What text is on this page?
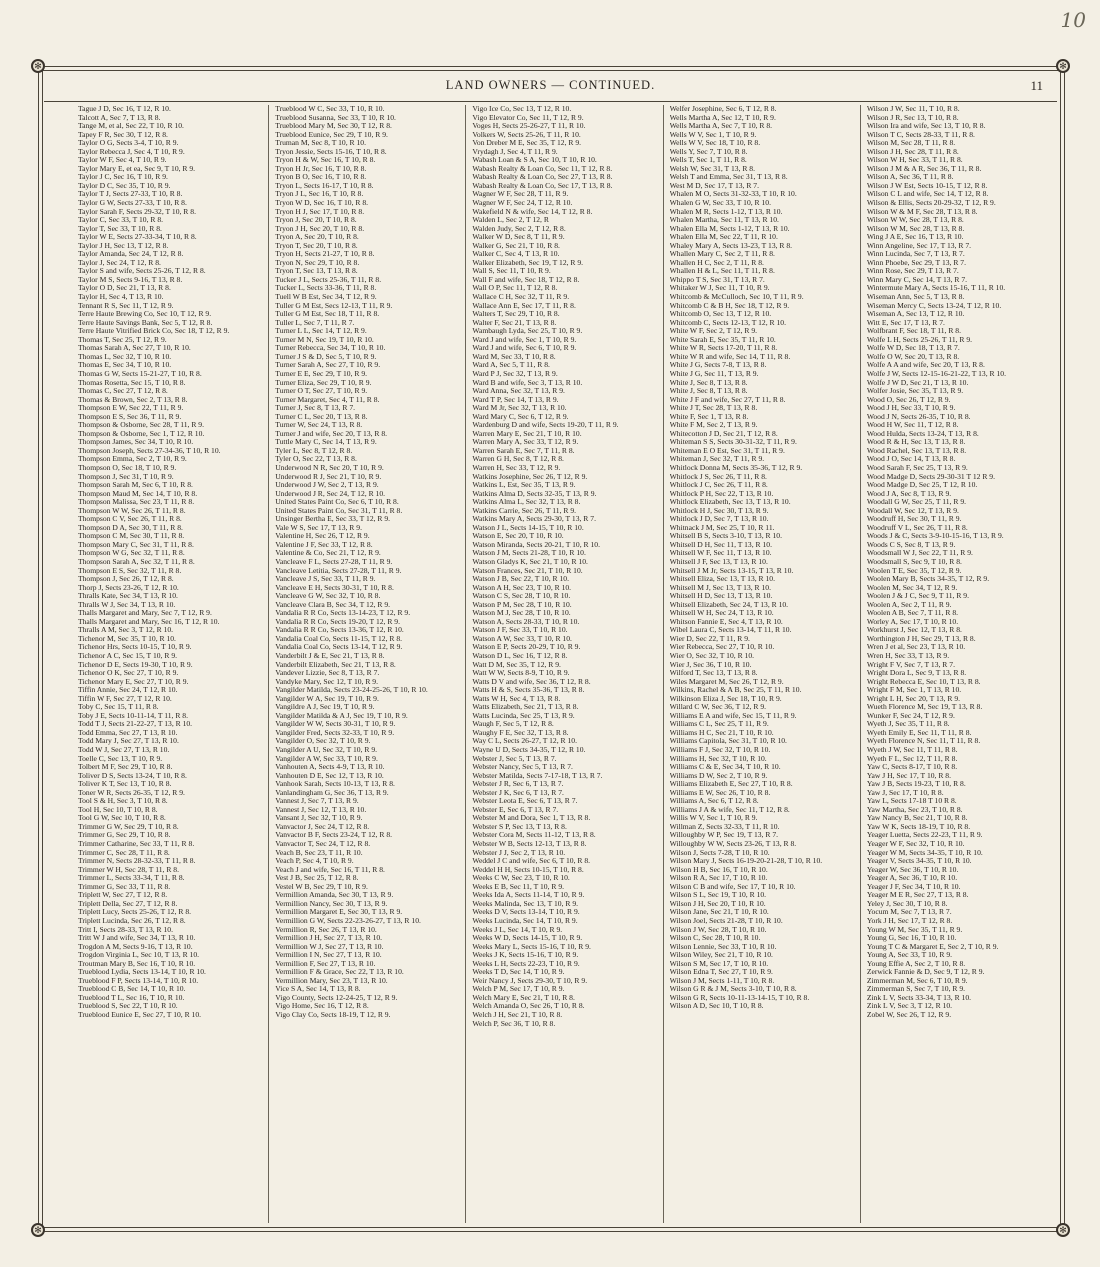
10
✻	✻
✻	✻
LAND OWNERS — CONTINUED.	11
Tague J D, Sec 16, T 12, R 10.
Talcott A, Sec 7, T 13, R 8.
Tange M, et al, Sec 22, T 10, R 10.
Tapey F R, Sec 30, T 12, R 8.
Taylor O G, Sects 3-4, T 10, R 9.
Taylor Rebecca J, Sec 4, T 10, R 9.
Taylor W F, Sec 4, T 10, R 9.
Taylor Mary E, et ea, Sec 9, T 10, R 9.
Taylor J C, Sec 16, T 10, R 9.
Taylor D C, Sec 35, T 10, R 9.
Taylor T J, Sects 27-33, T 10, R 8.
Taylor G W, Sects 27-33, T 10, R 8.
Taylor Sarah F, Sects 29-32, T 10, R 8.
Taylor C, Sec 33, T 10, R 8.
Taylor T, Sec 33, T 10, R 8.
Taylor W E, Sects 27-33-34, T 10, R 8.
Taylor J H, Sec 13, T 12, R 8.
Taylor Amanda, Sec 24, T 12, R 8.
Taylor J, Sec 24, T 12, R 8.
Taylor S and wife, Sects 25-26, T 12, R 8.
Taylor M S, Sects 9-16, T 13, R 8.
Taylor O D, Sec 21, T 13, R 8.
Taylor H, Sec 4, T 13, R 10.
Tennant R S, Sec 11, T 12, R 9.
Terre Haute Brewing Co, Sec 10, T 12, R 9.
Terre Haute Savings Bank, Sec 5, T 12, R 8.
Terre Haute Vitrified Brick Co, Sec 18, T 12, R 9.
Thomas T, Sec 25, T 12, R 9.
Thomas Sarah A, Sec 27, T 10, R 10.
Thomas L, Sec 32, T 10, R 10.
Thomas E, Sec 34, T 10, R 10.
Thomas G W, Sects 15-21-27, T 10, R 8.
Thomas Rosetta, Sec 15, T 10, R 8.
Thomas C, Sec 27, T 12, R 8.
Thomas & Brown, Sec 2, T 13, R 8.
Thompson E W, Sec 22, T 11, R 9.
Thompson E S, Sec 36, T 11, R 9.
Thompson & Osborne, Sec 28, T 11, R 9.
Thompson & Osborne, Sec 1, T 12, R 10.
Thompson James, Sec 34, T 10, R 10.
Thompson Joseph, Sects 27-34-36, T 10, R 10.
Thompson Emma, Sec 2, T 10, R 9.
Thompson O, Sec 18, T 10, R 9.
Thompson J, Sec 31, T 10, R 9.
Thompson Sarah M, Sec 6, T 10, R 8.
Thompson Maud M, Sec 14, T 10, R 8.
Thompson Malissa, Sec 23, T 11, R 8.
Thompson W W, Sec 26, T 11, R 8.
Thompson C V, Sec 26, T 11, R 8.
Thompson D A, Sec 30, T 11, R 8.
Thompson C M, Sec 30, T 11, R 8.
Thompson Mary C, Sec 31, T 11, R 8.
Thompson W G, Sec 32, T 11, R 8.
Thompson Sarah A, Sec 32, T 11, R 8.
Thompson E S, Sec 32, T 11, R 8.
Thompson J, Sec 26, T 12, R 8.
Thorp J, Sects 23-26, T 12, R 10.
Thralls Kate, Sec 34, T 13, R 10.
Thralls W J, Sec 34, T 13, R 10.
Thalls Margaret and Mary, Sec 7, T 12, R 9.
Thalls Margaret and Mary, Sec 16, T 12, R 10.
Thralls A M, Sec 3, T 12, R 10.
Tichenor M, Sec 35, T 10, R 10.
Tichenor Hrs, Sects 10-15, T 10, R 9.
Tichenor A C, Sec 15, T 10, R 9.
Tichenor D E, Sects 19-30, T 10, R 9.
Tichenor O K, Sec 27, T 10, R 9.
Tichenor Mary E, Sec 27, T 10, R 9.
Tiffin Annie, Sec 24, T 12, R 10.
Tiffin W F, Sec 27, T 12, R 10.
Toby C, Sec 15, T 11, R 8.
Toby J E, Sects 10-11-14, T 11, R 8.
Todd T J, Sects 21-22-27, T 13, R 10.
Todd Emma, Sec 27, T 13, R 10.
Todd Mary J, Sec 27, T 13, R 10.
Todd W J, Sec 27, T 13, R 10.
Toelle C, Sec 13, T 10, R 9.
Tolbert M F, Sec 29, T 10, R 8.
Toliver D S, Sects 13-24, T 10, R 8.
Toliver K T, Sec 13, T 10, R 8.
Toner W R, Sects 26-35, T 12, R 9.
Tool S & H, Sec 3, T 10, R 8.
Tool H, Sec 10, T 10, R 8.
Tool G W, Sec 10, T 10, R 8.
Trimmer G W, Sec 29, T 10, R 8.
Trimmer G, Sec 29, T 10, R 8.
Trimmer Catharine, Sec 33, T 11, R 8.
Trimmer C, Sec 28, T 11, R 8.
Trimmer N, Sects 28-32-33, T 11, R 8.
Trimmer W H, Sec 28, T 11, R 8.
Trimmer L, Sects 33-34, T 11, R 8.
Trimmer G, Sec 33, T 11, R 8.
Triplett W, Sec 27, T 12, R 8.
Triplett Della, Sec 27, T 12, R 8.
Triplett Lucy, Sects 25-26, T 12, R 8.
Triplett Lucinda, Sec 26, T 12, R 8.
Tritt I, Sects 28-33, T 13, R 10.
Tritt W J and wife, Sec 34, T 13, R 10.
Trogdon A M, Sects 9-16, T 13, R 10.
Trogdon Virginia L, Sec 10, T 13, R 10.
Troutman Mary B, Sec 16, T 10, R 10.
Trueblood Lydia, Sects 13-14, T 10, R 10.
Trueblood F P, Sects 13-14, T 10, R 10.
Trueblood C B, Sec 14, T 10, R 10.
Trueblood T L, Sec 16, T 10, R 10.
Trueblood S, Sec 22, T 10, R 10.
Trueblood Eunice E, Sec 27, T 10, R 10.
Trueblood W C, Sec 33, T 10, R 10.
Trueblood Susanna, Sec 33, T 10, R 10.
Trueblood Mary M, Sec 30, T 12, R 8.
Trueblood Eunice, Sec 29, T 10, R 9.
Truman M, Sec 8, T 10, R 10.
Tryon Jessie, Sects 15-16, T 10, R 8.
Tryon H & W, Sec 16, T 10, R 8.
Tryon H Jr, Sec 16, T 10, R 8.
Tryon B O, Sec 16, T 10, R 8.
Tryon L, Sects 16-17, T 10, R 8.
Tryon J L, Sec 16, T 10, R 8.
Tryon W D, Sec 16, T 10, R 8.
Tryon H J, Sec 17, T 10, R 8.
Tryon J, Sec 20, T 10, R 8.
Tryon J H, Sec 20, T 10, R 8.
Tryon A, Sec 20, T 10, R 8.
Tryon T, Sec 20, T 10, R 8.
Tryon H, Sects 21-27, T 10, R 8.
Tryon N, Sec 29, T 10, R 8.
Tryon T, Sec 13, T 13, R 8.
Tucker J L, Sects 25-36, T 11, R 8.
Tucker L, Sects 33-36, T 11, R 8.
Tuell W B Est, Sec 34, T 12, R 9.
Tuller G M Est, Secs 12-13, T 11, R 9.
Tuller G M Est, Sec 18, T 11, R 8.
Tuller L, Sec 7, T 11, R 7.
Turner L L, Sec 14, T 12, R 9.
Turner M N, Sec 19, T 10, R 10.
Turner Rebecca, Sec 34, T 10, R 10.
Turner J S & D, Sec 5, T 10, R 9.
Turner Sarah A, Sec 27, T 10, R 9.
Turner E E, Sec 29, T 10, R 9.
Turner Eliza, Sec 29, T 10, R 9.
Turner O T, Sec 27, T 10, R 9.
Turner Margaret, Sec 4, T 11, R 8.
Turner J, Sec 8, T 13, R 7.
Turner C L, Sec 20, T 13, R 8.
Turner W, Sec 24, T 13, R 8.
Turner J and wife, Sec 20, T 13, R 8.
Tuttle Mary C, Sec 14, T 13, R 9.
Tyler L, Sec 8, T 12, R 8.
Tyler O, Sec 22, T 13, R 8.
Underwood N R, Sec 20, T 10, R 9.
Underwood R J, Sec 21, T 10, R 9.
Underwood J W, Sec 2, T 13, R 9.
Underwood J R, Sec 24, T 12, R 10.
United States Paint Co, Sec 6, T 10, R 8.
United States Paint Co, Sec 31, T 11, R 8.
Unsinger Bertha E, Sec 33, T 12, R 9.
Vale W S, Sec 17, T 13, R 9.
Valentine H, Sec 26, T 12, R 9.
Valentine J F, Sec 33, T 12, R 8.
Valentine & Co, Sec 21, T 12, R 9.
Vancleave F L, Sects 27-28, T 11, R 9.
Vancleave Letitia, Sects 27-28, T 11, R 9.
Vancleave J S, Sec 33, T 11, R 9.
Vancleave E H, Sects 30-31, T 10, R 8.
Vancleave G W, Sec 32, T 10, R 8.
Vancleave Clara B, Sec 34, T 12, R 9.
Vandalia R R Co, Sects 13-14-23, T 12, R 9.
Vandalia R R Co, Sects 19-20, T 12, R 9.
Vandalia R R Co, Sects 13-36, T 12, R 10.
Vandalia Coal Co, Sects 11-15, T 12, R 8.
Vandalia Coal Co, Sects 13-14, T 12, R 9.
Vanderbilt J & E, Sec 21, T 13, R 8.
Vanderbilt Elizabeth, Sec 21, T 13, R 8.
Vandever Lizzie, Sec 8, T 13, R 7.
Vandyke Mary, Sec 12, T 10, R 9.
Vangilder Matilda, Sects 23-24-25-26, T 10, R 10.
Vangilder W A, Sec 19, T 10, R 9.
Vangildre A J, Sec 19, T 10, R 9.
Vangilder Matilda & A J, Sec 19, T 10, R 9.
Vangilder W W, Sects 30-31, T 10, R 9.
Vangilder Fred, Sects 32-33, T 10, R 9.
Vangilder O, Sec 32, T 10, R 9.
Vangilder A U, Sec 32, T 10, R 9.
Vangilder A W, Sec 33, T 10, R 9.
Vanhouten A, Sects 4-9, T 13, R 10.
Vanhouten D E, Sec 12, T 13, R 10.
Vanhook Sarah, Sects 10-13, T 13, R 8.
Vanlandingham G, Sec 36, T 13, R 9.
Vannest J, Sec 7, T 13, R 9.
Vannest J, Sec 12, T 13, R 10.
Vansant J, Sec 32, T 10, R 9.
Vanvactor J, Sec 24, T 12, R 8.
Vanvactor B F, Sects 23-24, T 12, R 8.
Vanvactor T, Sec 24, T 12, R 8.
Veach B, Sec 23, T 11, R 10.
Veach P, Sec 4, T 10, R 9.
Veach J and wife, Sec 16, T 11, R 8.
Vest J B, Sec 25, T 12, R 8.
Vestel W B, Sec 29, T 10, R 9.
Vermillion Amanda, Sec 30, T 13, R 9.
Vermillion Nancy, Sec 30, T 13, R 9.
Vermillion Margaret E, Sec 30, T 13, R 9.
Vermillion G W, Sects 22-23-26-27, T 13, R 10.
Vermillion R, Sec 26, T 13, R 10.
Vermillion J H, Sec 27, T 13, R 10.
Vermillion W J, Sec 27, T 13, R 10.
Vermillion I N, Sec 27, T 13, R 10.
Vermillion F, Sec 27, T 13, R 10.
Vermillion F & Grace, Sec 22, T 13, R 10.
Vermillion Mary, Sec 23, T 13, R 10.
Vice S A, Sec 14, T 13, R 8.
Vigo County, Sects 12-24-25, T 12, R 9.
Vigo Home, Sec 16, T 12, R 8.
Vigo Clay Co, Sects 18-19, T 12, R 9.
Vigo Ice Co, Sec 13, T 12, R 10.
Vigo Elevator Co, Sec 11, T 12, R 9.
Voges H, Sects 25-26-27, T 11, R 10.
Volkers W, Sects 25-26, T 11, R 10.
Von Dreber M E, Sec 35, T 12, R 9.
Vrydagh J, Sec 4, T 11, R 9.
Wabash Loan & S A, Sec 10, T 10, R 10.
Wabash Realty & Loan Co, Sec 11, T 12, R 8.
Wabash Realty & Loan Co, Sec 27, T 13, R 8.
Wabash Realty & Loan Co, Sec 17, T 13, R 8.
Wagner W F, Sec 28, T 11, R 9.
Wagner W F, Sec 24, T 12, R 10.
Wakefield N & wife, Sec 14, T 12, R 8.
Walden L, Sec 2, T 12, R
Walden Judy, Sec 2, T 12, R 8.
Walker W D, Sec 8, T 11, R 9.
Walker G, Sec 21, T 10, R 8.
Walker C, Sec 4, T 13, R 10.
Walker Elizabeth, Sec 19, T 12, R 9.
Wall S, Sec 11, T 10, R 9.
Wall F and wife, Sec 18, T 12, R 8.
Wall O P, Sec 11, T 12, R 8.
Wallace C H, Sec 32, T 11, R 9.
Wallace Ann E, Sec 17, T 11, R 8.
Walters T, Sec 29, T 10, R 8.
Walter F, Sec 21, T 13, R 8.
Wambaugh Lyda, Sec 25, T 10, R 9.
Ward J and wife, Sec 1, T 10, R 9.
Ward J and wife, Sec 6, T 10, R 9.
Ward M, Sec 33, T 10, R 8.
Ward A, Sec 5, T 11, R 8.
Ward P J, Sec 32, T 13, R 9.
Ward B and wife, Sec 3, T 13, R 10.
Ward Anna, Sec 32, T 13, R 9.
Ward T P, Sec 14, T 13, R 9.
Ward M Jr, Sec 32, T 13, R 10.
Ward Mary C, Sec 6, T 12, R 9.
Wardenburg D and wife, Sects 19-20, T 11, R 9.
Warren Mary E, Sec 21, T 10, R 10.
Warren Mary A, Sec 33, T 12, R 9.
Warren Sarah E, Sec 7, T 11, R 8.
Warren G H, Sec 8, T 12, R 8.
Warren H, Sec 33, T 12, R 9.
Watkins Josephine, Sec 26, T 12, R 9.
Watkins L, Est, Sec 35, T 13, R 9.
Watkins Alma D, Sects 32-35, T 13, R 9.
Watkins Alma L, Sec 32, T 13, R 8.
Watkins Carrie, Sec 26, T 11, R 9.
Watkins Mary A, Sects 29-30, T 13, R 7.
Watson J L, Sects 14-15, T 10, R 10.
Watson E, Sec 20, T 10, R 10.
Watson Miranda, Sects 20-21, T 10, R 10.
Watson J M, Sects 21-28, T 10, R 10.
Watson Gladys K, Sec 21, T 10, R 10.
Watson Frances, Sec 21, T 10, R 10.
Watson J B, Sec 22, T 10, R 10.
Watson A H, Sec 23, T 10, R 10.
Watson C S, Sec 28, T 10, R 10.
Watson P M, Sec 28, T 10, R 10.
Watson M J, Sec 28, T 10, R 10.
Watson A, Sects 28-33, T 10, R 10.
Watson J F, Sec 33, T 10, R 10.
Watson A W, Sec 33, T 10, R 10.
Watson E P, Sects 20-29, T 10, R 9.
Watson D L, Sec 16, T 12, R 8.
Watt D M, Sec 35, T 12, R 9.
Watt W W, Sects 8-9, T 10, R 9.
Watts D V and wife, Sec 36, T 12, R 8.
Watts H & S, Sects 35-36, T 13, R 8.
Watts W H, Sec 4, T 13, R 8.
Watts Elizabeth, Sec 21, T 13, R 8.
Watts Lucinda, Sec 25, T 13, R 9.
Waugh F, Sec 5, T 12, R 8.
Waughy F E, Sec 32, T 13, R 8.
Way C L, Sects 26-27, T 12, R 10.
Wayne U D, Sects 34-35, T 12, R 10.
Webster J, Sec 5, T 13, R 7.
Webster Nancy, Sec 5, T 13, R 7.
Webster Matilda, Sects 7-17-18, T 13, R 7.
Webster J R, Sec 6, T 13, R 7.
Webster J K, Sec 6, T 13, R 7.
Webster Leota E, Sec 6, T 13, R 7.
Webster E, Sec 6, T 13, R 7.
Webster M and Dora, Sec 1, T 13, R 8.
Webster S P, Sec 13, T 13, R 8.
Webster Cora M, Sects 11-12, T 13, R 8.
Webster W B, Sects 12-13, T 13, R 8.
Webster J J, Sec 2, T 13, R 10.
Weddel J C and wife, Sec 6, T 10, R 8.
Weddel H H, Sects 10-15, T 10, R 8.
Weeks C W, Sec 23, T 10, R 10.
Weeks E B, Sec 11, T 10, R 9.
Weeks Ida A, Sects 11-14, T 10, R 9.
Weeks Malinda, Sec 13, T 10, R 9.
Weeks D V, Sects 13-14, T 10, R 9.
Weeks Lucinda, Sec 14, T 10, R 9.
Weeks J L, Sec 14, T 10, R 9.
Weeks W D, Sects 14-15, T 10, R 9.
Weeks Mary L, Sects 15-16, T 10, R 9.
Weeks J K, Sects 15-16, T 10, R 9.
Weeks L H, Sects 22-23, T 10, R 9.
Weeks T D, Sec 14, T 10, R 9.
Weir Nancy J, Sects 29-30, T 10, R 9.
Welch P M, Sec 17, T 10, R 9.
Welch Mary E, Sec 21, T 10, R 8.
Welch Amanda O, Sec 26, T 10, R 8.
Welch J H, Sec 21, T 10, R 8.
Welch P, Sec 36, T 10, R 8.
Welfer Josephine, Sec 6, T 12, R 8.
Wells Martha A, Sec 12, T 10, R 9.
Wells Martha A, Sec 7, T 10, R 8.
Wells W V, Sec 1, T 10, R 9.
Wells W V, Sec 18, T 10, R 8.
Wells Y, Sec 7, T 10, R 8.
Wells T, Sec 1, T 11, R 8.
Welsh W, Sec 31, T 13, R 8.
Welsh T and Emma, Sec 31, T 13, R 8.
West M D, Sec 17, T 13, R 7.
Whalen M O, Sects 31-32-33, T 10, R 10.
Whalen G W, Sec 33, T 10, R 10.
Whalen M R, Sects 1-12, T 13, R 10.
Whalen Martha, Sec 11, T 13, R 10.
Whalen Ella M, Sects 1-12, T 13, R 10.
Whalen Ella M, Sec 22, T 11, R 10.
Whaley Mary A, Sects 13-23, T 13, R 8.
Whallen Mary C, Sec 2, T 11, R 8.
Whallen H C, Sec 2, T 11, R 8.
Whallen H & L, Sec 11, T 11, R 8.
Whippo T S, Sec 31, T 13, R 7.
Whitaker W J, Sec 11, T 10, R 9.
Whitcomb & McCulloch, Sec 10, T 11, R 9.
Whitcomb C & B H, Sec 18, T 12, R 9.
Whitcomb O, Sec 13, T 12, R 10.
Whitcomb C, Sects 12-13, T 12, R 10.
White W F, Sec 2, T 12, R 9.
White Sarah E, Sec 35, T 11, R 10.
White W R, Sects 17-20, T 11, R 8.
White W R and wife, Sec 14, T 11, R 8.
White J G, Sects 7-8, T 13, R 8.
White J G, Sec 11, T 13, R 9.
White J, Sec 8, T 13, R 8.
White J, Sec 8, T 13, R 8.
White J F and wife, Sec 27, T 11, R 8.
White J T, Sec 28, T 13, R 8.
White F, Sec 1, T 13, R 8.
White F M, Sec 2, T 13, R 9.
Whitecotton J D, Sec 21, T 12, R 8.
Whiteman S S, Sects 30-31-32, T 11, R 9.
Whiteman E O Est, Sec 31, T 11, R 9.
Whiteman J, Sec 32, T 11, R 9.
Whitlock Donna M, Sects 35-36, T 12, R 9.
Whitlock J S, Sec 26, T 11, R 8.
Whitlock J C, Sec 26, T 11, R 8.
Whitlock P H, Sec 22, T 13, R 10.
Whitlock Elizabeth, Sec 13, T 13, R 10.
Whitlock H J, Sec 30, T 13, R 9.
Whitlock J D, Sec 7, T 13, R 10.
Whitnack J M, Sec 25, T 10, R 11.
Whitsell B S, Sects 3-10, T 13, R 10.
Whitsell D H, Sec 11, T 13, R 10.
Whitsell W F, Sec 11, T 13, R 10.
Whitsell J F, Sec 13, T 13, R 10.
Whitsell J M Jr, Sects 13-15, T 13, R 10.
Whitsell Eliza, Sec 13, T 13, R 10.
Whitsell M J, Sec 13, T 13, R 10.
Whitsell H D, Sec 13, T 13, R 10.
Whitsell Elizabeth, Sec 24, T 13, R 10.
Whitsell W H, Sec 24, T 13, R 10.
Whitson Fannie E, Sec 4, T 13, R 10.
Wibel Laura C, Sects 13-14, T 11, R 10.
Wier D, Sec 22, T 11, R 9.
Wier Rebecca, Sec 27, T 10, R 10.
Wier O, Sec 32, T 10, R 10.
Wier J, Sec 36, T 10, R 10.
Wilford T, Sec 13, T 13, R 8.
Wiles Margaret M, Sec 26, T 12, R 9.
Wilkins, Rachel & A B, Sec 25, T 11, R 10.
Wilkinson Eliza J, Sec 18, T 10, R 9.
Willard C W, Sec 36, T 12, R 9.
Williams E A and wife, Sec 15, T 11, R 9.
Williams C L, Sec 25, T 11, R 9.
Williams H C, Sec 21, T 10, R 10.
Williams Capitola, Sec 31, T 10, R 10.
Williams F J, Sec 32, T 10, R 10.
Williams H, Sec 32, T 10, R 10.
Williams C & E, Sec 34, T 10, R 10.
Williams D W, Sec 2, T 10, R 9.
Williams Elizabeth E, Sec 27, T 10, R 8.
Williams E W, Sec 26, T 10, R 8.
Williams A, Sec 6, T 12, R 8.
Williams J A & wife, Sec 11, T 12, R 8.
Willis W V, Sec 1, T 10, R 9.
Willman Z, Sects 32-33, T 11, R 10.
Willoughby W P, Sec 19, T 13, R 7.
Willoughby W W, Sects 23-26, T 13, R 8.
Wilson J, Sects 7-28, T 10, R 10.
Wilson Mary J, Sects 16-19-20-21-28, T 10, R 10.
Wilson H B, Sec 16, T 10, R 10.
Wilson R A, Sec 17, T 10, R 10.
Wilson C B and wife, Sec 17, T 10, R 10.
Wilson S L, Sec 19, T 10, R 10.
Wilson J H, Sec 20, T 10, R 10.
Wilson Jane, Sec 21, T 10, R 10.
Wilson Joel, Sects 21-28, T 10, R 10.
Wilson J W, Sec 28, T 10, R 10.
Wilson C, Sec 28, T 10, R 10.
Wilson Lennie, Sec 33, T 10, R 10.
Wilson Wiley, Sec 21, T 10, R 10.
Wilson S M, Sec 17, T 10, R 10.
Wilson Edna T, Sec 27, T 10, R 9.
Wilson J M, Sects 1-11, T 10, R 8.
Wilson G R & J M, Sects 3-10, T 10, R 8.
Wilson G R, Sects 10-11-13-14-15, T 10, R 8.
Wilson A D, Sec 10, T 10, R 8.
Wilson J W, Sec 11, T 10, R 8.
Wilson J R, Sec 13, T 10, R 8.
Wilson Ira and wife, Sec 13, T 10, R 8.
Wilson T C, Sects 28-33, T 11, R 8.
Wilson M, Sec 28, T 11, R 8.
Wilson J H, Sec 28, T 11, R 8.
Wilson W H, Sec 33, T 11, R 8.
Wilson J M & A R, Sec 36, T 11, R 8.
Wilson A, Sec 36, T 11, R 8.
Wilson J W Est, Sects 10-15, T 12, R 8.
Wilson C L and wife, Sec 14, T 12, R 8.
Wilson & Ellis, Sects 20-29-32, T 12, R 9.
Wilson W & M F, Sec 28, T 13, R 8.
Wilson W W, Sec 28, T 13, R 8.
Wilson W M, Sec 28, T 13, R 8.
Wing J A E, Sec 16, T 13, R 10.
Winn Angeline, Sec 17, T 13, R 7.
Winn Lucinda, Sec 7, T 13, R 7.
Winn Phoebe, Sec 29, T 13, R 7.
Winn Rose, Sec 29, T 13, R 7.
Winn Mary C, Sec 14, T 13, R 7.
Wintermute Mary A, Sects 15-16, T 11, R 10.
Wiseman Ann, Sec 5, T 13, R 8.
Wiseman Mercy C, Sects 13-24, T 12, R 10.
Wiseman A, Sec 13, T 12, R 10.
Witt E, Sec 17, T 13, R 7.
Wolfbrant F, Sec 18, T 11, R 8.
Wolfe L H, Sects 25-26, T 11, R 9.
Wolfe W D, Sec 18, T 13, R 7.
Wolfe O W, Sec 20, T 13, R 8.
Wolfe A A and wife, Sec 20, T 13, R 8.
Wolfe J W, Sects 12-15-16-21-22, T 13, R 10.
Wolfe J W D, Sec 21, T 13, R 10.
Wolfer Josie, Sec 35, T 13, R 9.
Wood O, Sec 26, T 12, R 9.
Wood J H, Sec 33, T 10, R 9.
Wood J N, Sects 26-35, T 10, R 8.
Wood H W, Sec 11, T 12, R 8.
Wood Hulda, Sects 13-24, T 13, R 8.
Wood R & H, Sec 13, T 13, R 8.
Wood Rachel, Sec 13, T 13, R 8.
Wood J O, Sec 14, T 13, R 8.
Wood Sarah F, Sec 25, T 13, R 9.
Wood Madge D, Sects 29-30-31 T 12 R 9.
Wood Madge D, Sec 25, T 12, R 10.
Wood J A, Sec 8, T 13, R 9.
Woodall G W, Sec 25, T 11, R 9.
Woodall W, Sec 12, T 13, R 9.
Woodruff H, Sec 30, T 11, R 9.
Woodruff V L, Sec 26, T 11, R 8.
Woods J & C, Sects 3-9-10-15-16, T 13, R 9.
Woods C S, Sec 8, T 13, R 9.
Woodsmall W J, Sec 22, T 11, R 9.
Woodsmall S, Sec 9, T 10, R 8.
Woolen T E, Sec 35, T 12, R 9.
Woolen Mary B, Sects 34-35, T 12, R 9.
Woolen M, Sec 34, T 12, R 9.
Woolen J & J C, Sec 9, T 11, R 9.
Woolen A, Sec 2, T 11, R 9.
Woolen A B, Sec 7, T 11, R 8.
Worley A, Sec 17, T 10, R 10.
Workhurst J, Sec 12, T 13, R 8.
Worthington J H, Sec 29, T 13, R 8.
Wren J et al, Sec 23, T 13, R 10.
Wren H, Sec 33, T 13, R 9.
Wright F V, Sec 7, T 13, R 7.
Wright Dora L, Sec 9, T 13, R 8.
Wright Rebecca E, Sec 10, T 13, R 8.
Wright F M, Sec 1, T 13, R 10.
Wright L H, Sec 20, T 13, R 9.
Wueth Florence M, Sec 19, T 13, R 8.
Wunker F, Sec 24, T 12, R 9.
Wyeth J, Sec 35, T 11, R 8.
Wyeth Emily E, Sec 11, T 11, R 8.
Wyeth Florence N, Sec 11, T 11, R 8.
Wyeth J W, Sec 11, T 11, R 8.
Wyeth F L, Sec 12, T 11, R 8.
Yaw C, Sects 8-17, T 10, R 8.
Yaw J H, Sec 17, T 10, R 8.
Yaw J B, Sects 19-23, T 10, R 8.
Yaw J, Sec 17, T 10, R 8.
Yaw L, Sects 17-18 T 10 R 8.
Yaw Martha, Sec 23, T 10, R 8.
Yaw Nancy B, Sec 21, T 10, R 8.
Yaw W K, Sects 18-19, T 10, R 8.
Yeager Luetta, Sects 22-23, T 11, R 9.
Yeager W F, Sec 32, T 10, R 10.
Yeager W M, Sects 34-35, T 10, R 10.
Yeager V, Sects 34-35, T 10, R 10.
Yeager W, Sec 36, T 10, R 10.
Yeager A, Sec 36, T 10, R 10.
Yeager J F, Sec 34, T 10, R 10.
Yeager M E R, Sec 27, T 13, R 8.
Yeley J, Sec 30, T 10, R 8.
Yocum M, Sec 7, T 13, R 7.
York J H, Sec 17, T 12, R 8.
Young W M, Sec 35, T 11, R 9.
Young G, Sec 16, T 10, R 10.
Young T C & Margaret E, Sec 2, T 10, R 9.
Young A, Sec 33, T 10, R 9.
Young Effie A, Sec 2, T 10, R 8.
Zerwick Fannie & D, Sec 9, T 12, R 9.
Zimmerman M, Sec 6, T 10, R 9.
Zimmerman S, Sec 7, T 10, R 9.
Zink L V, Sects 33-34, T 13, R 10.
Zink L V, Sec 3, T 12, R 10.
Zobel W, Sec 26, T 12, R 9.
